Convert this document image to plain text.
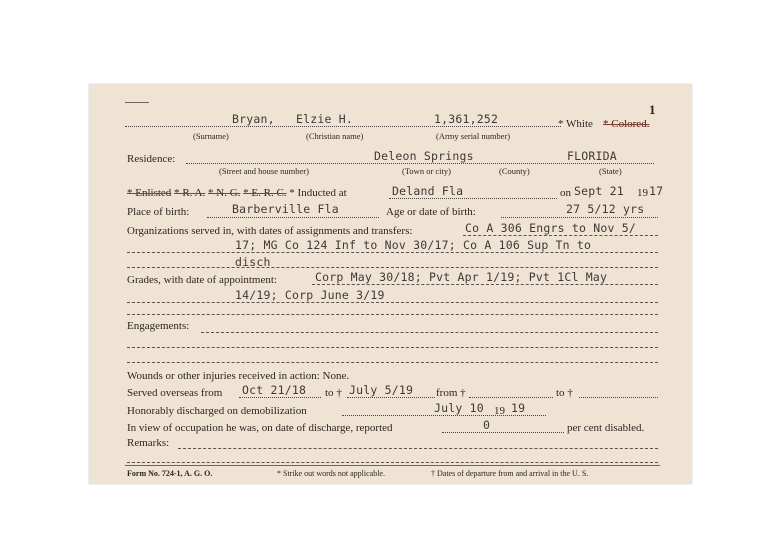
1
Bryan, Elzie H.	1,361,252	* White * Colored.
(Surname)	(Christian name)	(Army serial number)
Residence:	Deleon Springs	FLORIDA
(Street and house number)	(Town or city)	(County)	(State)
* Enlisted * R. A. * N. G. * E. R. C. * Inducted at	Deland Fla	on Sept 21 19 17
Place of birth:	Barberville Fla	Age or date of birth:	27 5/12 yrs
Organizations served in, with dates of assignments and transfers:	Co A 306 Engrs to Nov 5/
17; MG Co 124 Inf to Nov 30/17; Co A 106 Sup Tn to
disch
Grades, with date of appointment:	Corp May 30/18; Pvt Apr 1/19; Pvt 1Cl May
14/19; Corp June 3/19
Engagements:
Wounds or other injuries received in action: None.
Served overseas from Oct 21/18 to † July 5/19 from †	to †
Honorably discharged on demobilization	July 10 19 19
In view of occupation he was, on date of discharge, reported	0	per cent disabled.
Remarks:
Form No. 724-1, A. G. O.	* Strike out words not applicable.	† Dates of departure from and arrival in the U. S.
